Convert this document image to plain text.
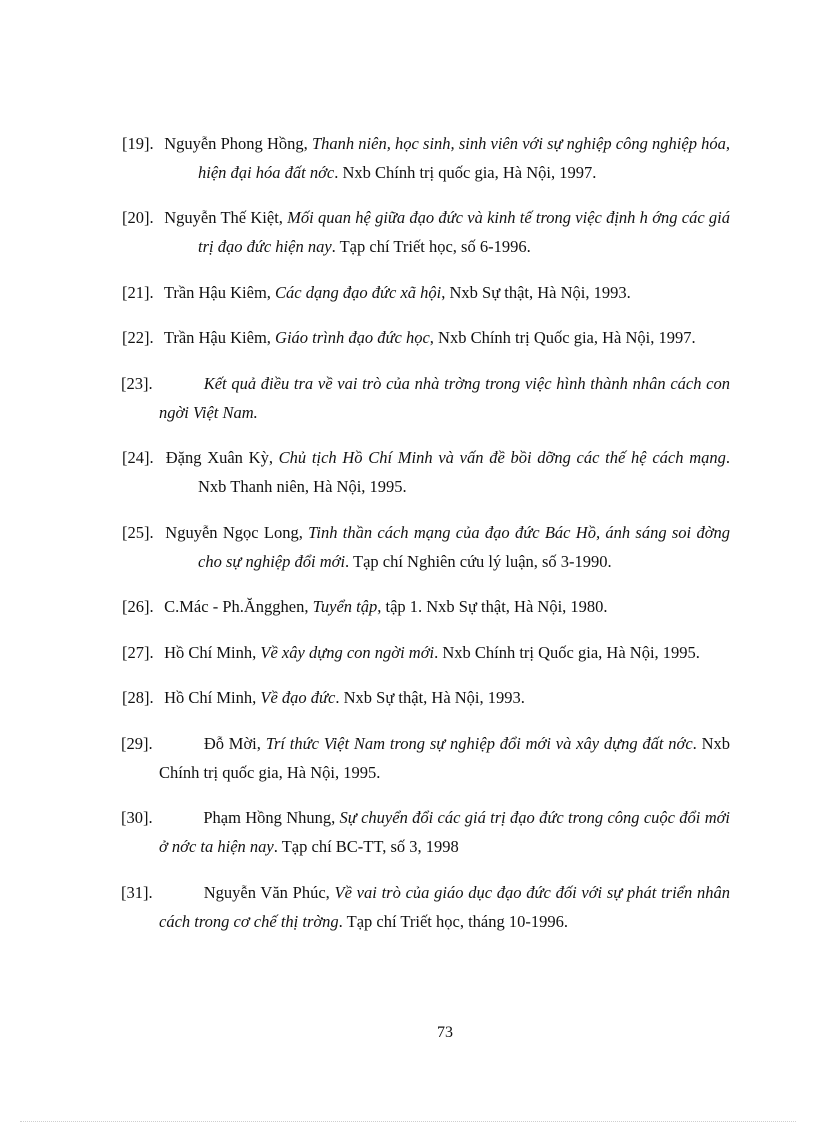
[19]. Nguyễn Phong Hồng, Thanh niên, học sinh, sinh viên với sự nghiệp công nghiệp hóa, hiện đại hóa đất nớc. Nxb Chính trị quốc gia, Hà Nội, 1997.

[20]. Nguyễn Thế Kiệt, Mối quan hệ giữa đạo đức và kinh tế trong việc định h ớng các giá trị đạo đức hiện nay. Tạp chí Triết học, số 6-1996.

[21]. Trần Hậu Kiêm, Các dạng đạo đức xã hội, Nxb Sự thật, Hà Nội, 1993.

[22]. Trần Hậu Kiêm, Giáo trình đạo đức học, Nxb Chính trị Quốc gia, Hà Nội, 1997.

[23].	Kết quả điều tra về vai trò của nhà trờng trong việc hình thành nhân cách con ngời Việt Nam.

[24]. Đặng Xuân Kỳ, Chủ tịch Hồ Chí Minh và vấn đề bồi dỡng các thế hệ cách mạng. Nxb Thanh niên, Hà Nội, 1995.

[25]. Nguyễn Ngọc Long, Tinh thần cách mạng của đạo đức Bác Hồ, ánh sáng soi đờng cho sự nghiệp đổi mới. Tạp chí Nghiên cứu lý luận, số 3-1990.

[26]. C.Mác - Ph.Ăngghen, Tuyển tập, tập 1. Nxb Sự thật, Hà Nội, 1980.

[27]. Hồ Chí Minh, Về xây dựng con ngời mới. Nxb Chính trị Quốc gia, Hà Nội, 1995.

[28]. Hồ Chí Minh, Về đạo đức. Nxb Sự thật, Hà Nội, 1993.

[29].	Đỗ Mời, Trí thức Việt Nam trong sự nghiệp đổi mới và xây dựng đất nớc. Nxb Chính trị quốc gia, Hà Nội, 1995.

[30].	Phạm Hồng Nhung, Sự chuyển đổi các giá trị đạo đức trong công cuộc đổi mới ở nớc ta hiện nay. Tạp chí BC-TT, số 3, 1998

[31].	Nguyễn Văn Phúc, Về vai trò của giáo dục đạo đức đối với sự phát triển nhân cách trong cơ chế thị trờng. Tạp chí Triết học, tháng 10-1996.

73
